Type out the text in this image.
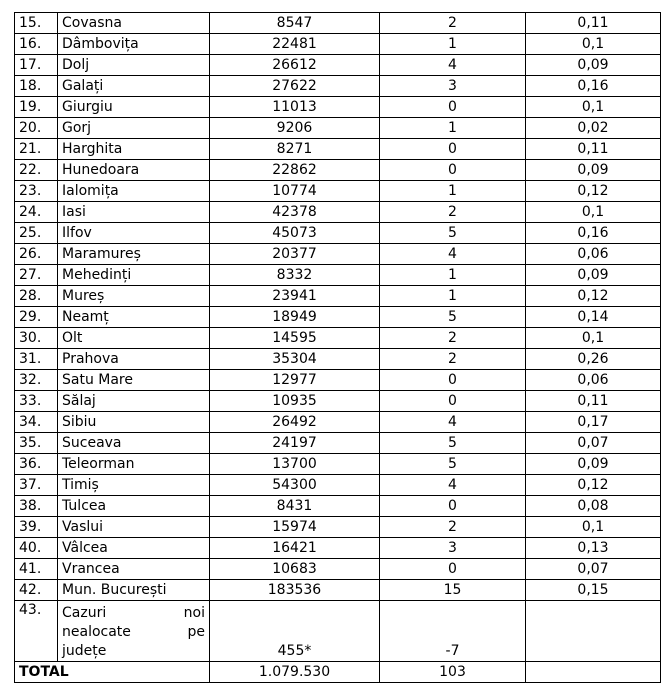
15.	Covasna	8547	2	0,11
16.	Dâmbovița	22481	1	0,1
17.	Dolj	26612	4	0,09
18.	Galați	27622	3	0,16
19.	Giurgiu	11013	0	0,1
20.	Gorj	9206	1	0,02
21.	Harghita	8271	0	0,11
22.	Hunedoara	22862	0	0,09
23.	Ialomița	10774	1	0,12
24.	Iasi	42378	2	0,1
25.	Ilfov	45073	5	0,16
26.	Maramureș	20377	4	0,06
27.	Mehedinți	8332	1	0,09
28.	Mureș	23941	1	0,12
29.	Neamț	18949	5	0,14
30.	Olt	14595	2	0,1
31.	Prahova	35304	2	0,26
32.	Satu Mare	12977	0	0,06
33.	Sălaj	10935	0	0,11
34.	Sibiu	26492	4	0,17
35.	Suceava	24197	5	0,07
36.	Teleorman	13700	5	0,09
37.	Timiș	54300	4	0,12
38.	Tulcea	8431	0	0,08
39.	Vaslui	15974	2	0,1
40.	Vâlcea	16421	3	0,13
41.	Vrancea	10683	0	0,07
42.	Mun. București	183536	15	0,15
43.	Cazuri noi
nealocate pe
județe	455*	-7	
TOTAL		1.079.530	103	
